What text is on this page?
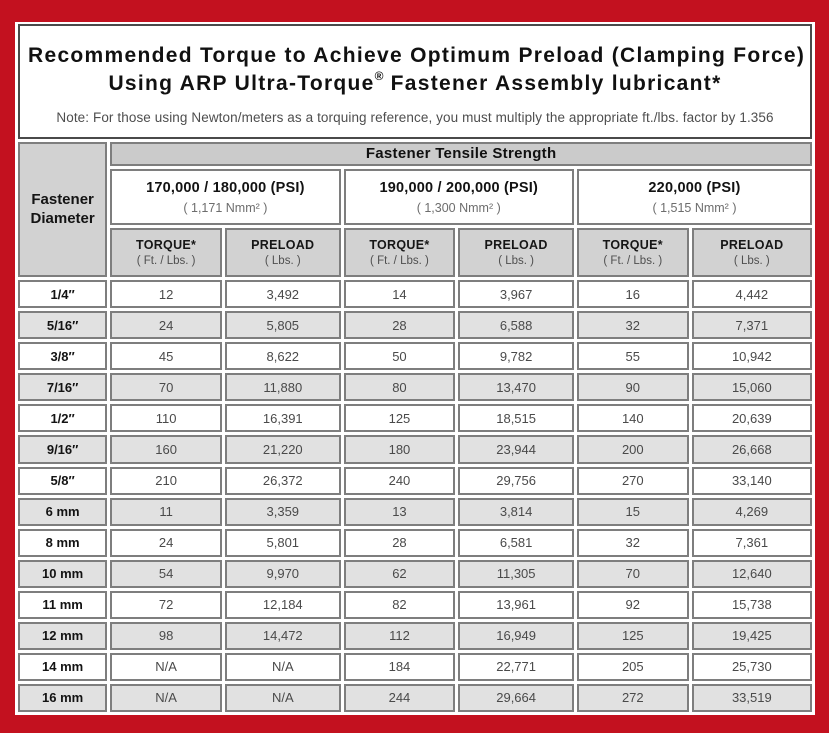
Recommended Torque to Achieve Optimum Preload (Clamping Force)
Using ARP Ultra-Torque® Fastener Assembly lubricant*
Note: For those using Newton/meters as a torquing reference, you must multiply the appropriate ft./lbs. factor by 1.356
Fastener
Diameter	Fastener Tensile Strength					

170,000 / 180,000 (PSI)
( 1,171 Nmm² )

190,000 / 200,000 (PSI)
( 1,300 Nmm² )

220,000 (PSI)
( 1,515 Nmm² )

TORQUE*
( Ft. / Lbs. )

PRELOAD
( Lbs. )

TORQUE*
( Ft. / Lbs. )

PRELOAD
( Lbs. )

TORQUE*
( Ft. / Lbs. )

PRELOAD
( Lbs. )

1/4″	12	3,492	14	3,967	16	4,442
5/16″	24	5,805	28	6,588	32	7,371
3/8″	45	8,622	50	9,782	55	10,942
7/16″	70	11,880	80	13,470	90	15,060
1/2″	110	16,391	125	18,515	140	20,639
9/16″	160	21,220	180	23,944	200	26,668
5/8″	210	26,372	240	29,756	270	33,140
6 mm	11	3,359	13	3,814	15	4,269
8 mm	24	5,801	28	6,581	32	7,361
10 mm	54	9,970	62	11,305	70	12,640
11 mm	72	12,184	82	13,961	92	15,738
12 mm	98	14,472	112	16,949	125	19,425
14 mm	N/A	N/A	184	22,771	205	25,730
16 mm	N/A	N/A	244	29,664	272	33,519
